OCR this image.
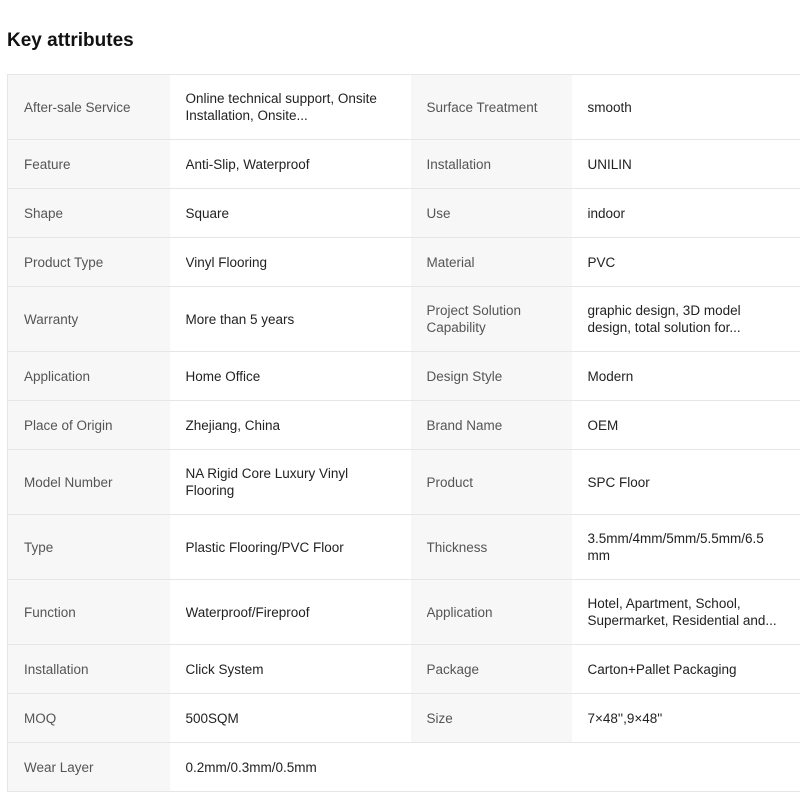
Key attributes
After-sale Service	Online technical support, Onsite Installation, Onsite...	Surface Treatment	smooth

Feature	Anti-Slip, Waterproof	Installation	UNILIN

Shape	Square	Use	indoor

Product Type	Vinyl Flooring	Material	PVC

Warranty	More than 5 years	Project Solution Capability	graphic design, 3D model design, total solution for...

Application	Home Office	Design Style	Modern

Place of Origin	Zhejiang, China	Brand Name	OEM

Model Number	NA Rigid Core Luxury Vinyl Flooring	Product	SPC Floor

Type	Plastic Flooring/PVC Floor	Thickness	3.5mm/4mm/5mm/5.5mm/6.5 mm

Function	Waterproof/Fireproof	Application	Hotel, Apartment, School, Supermarket, Residential and...

Installation	Click System	Package	Carton+Pallet Packaging

MOQ	500SQM	Size	7×48'',9×48''

Wear Layer	0.2mm/0.3mm/0.5mm		
